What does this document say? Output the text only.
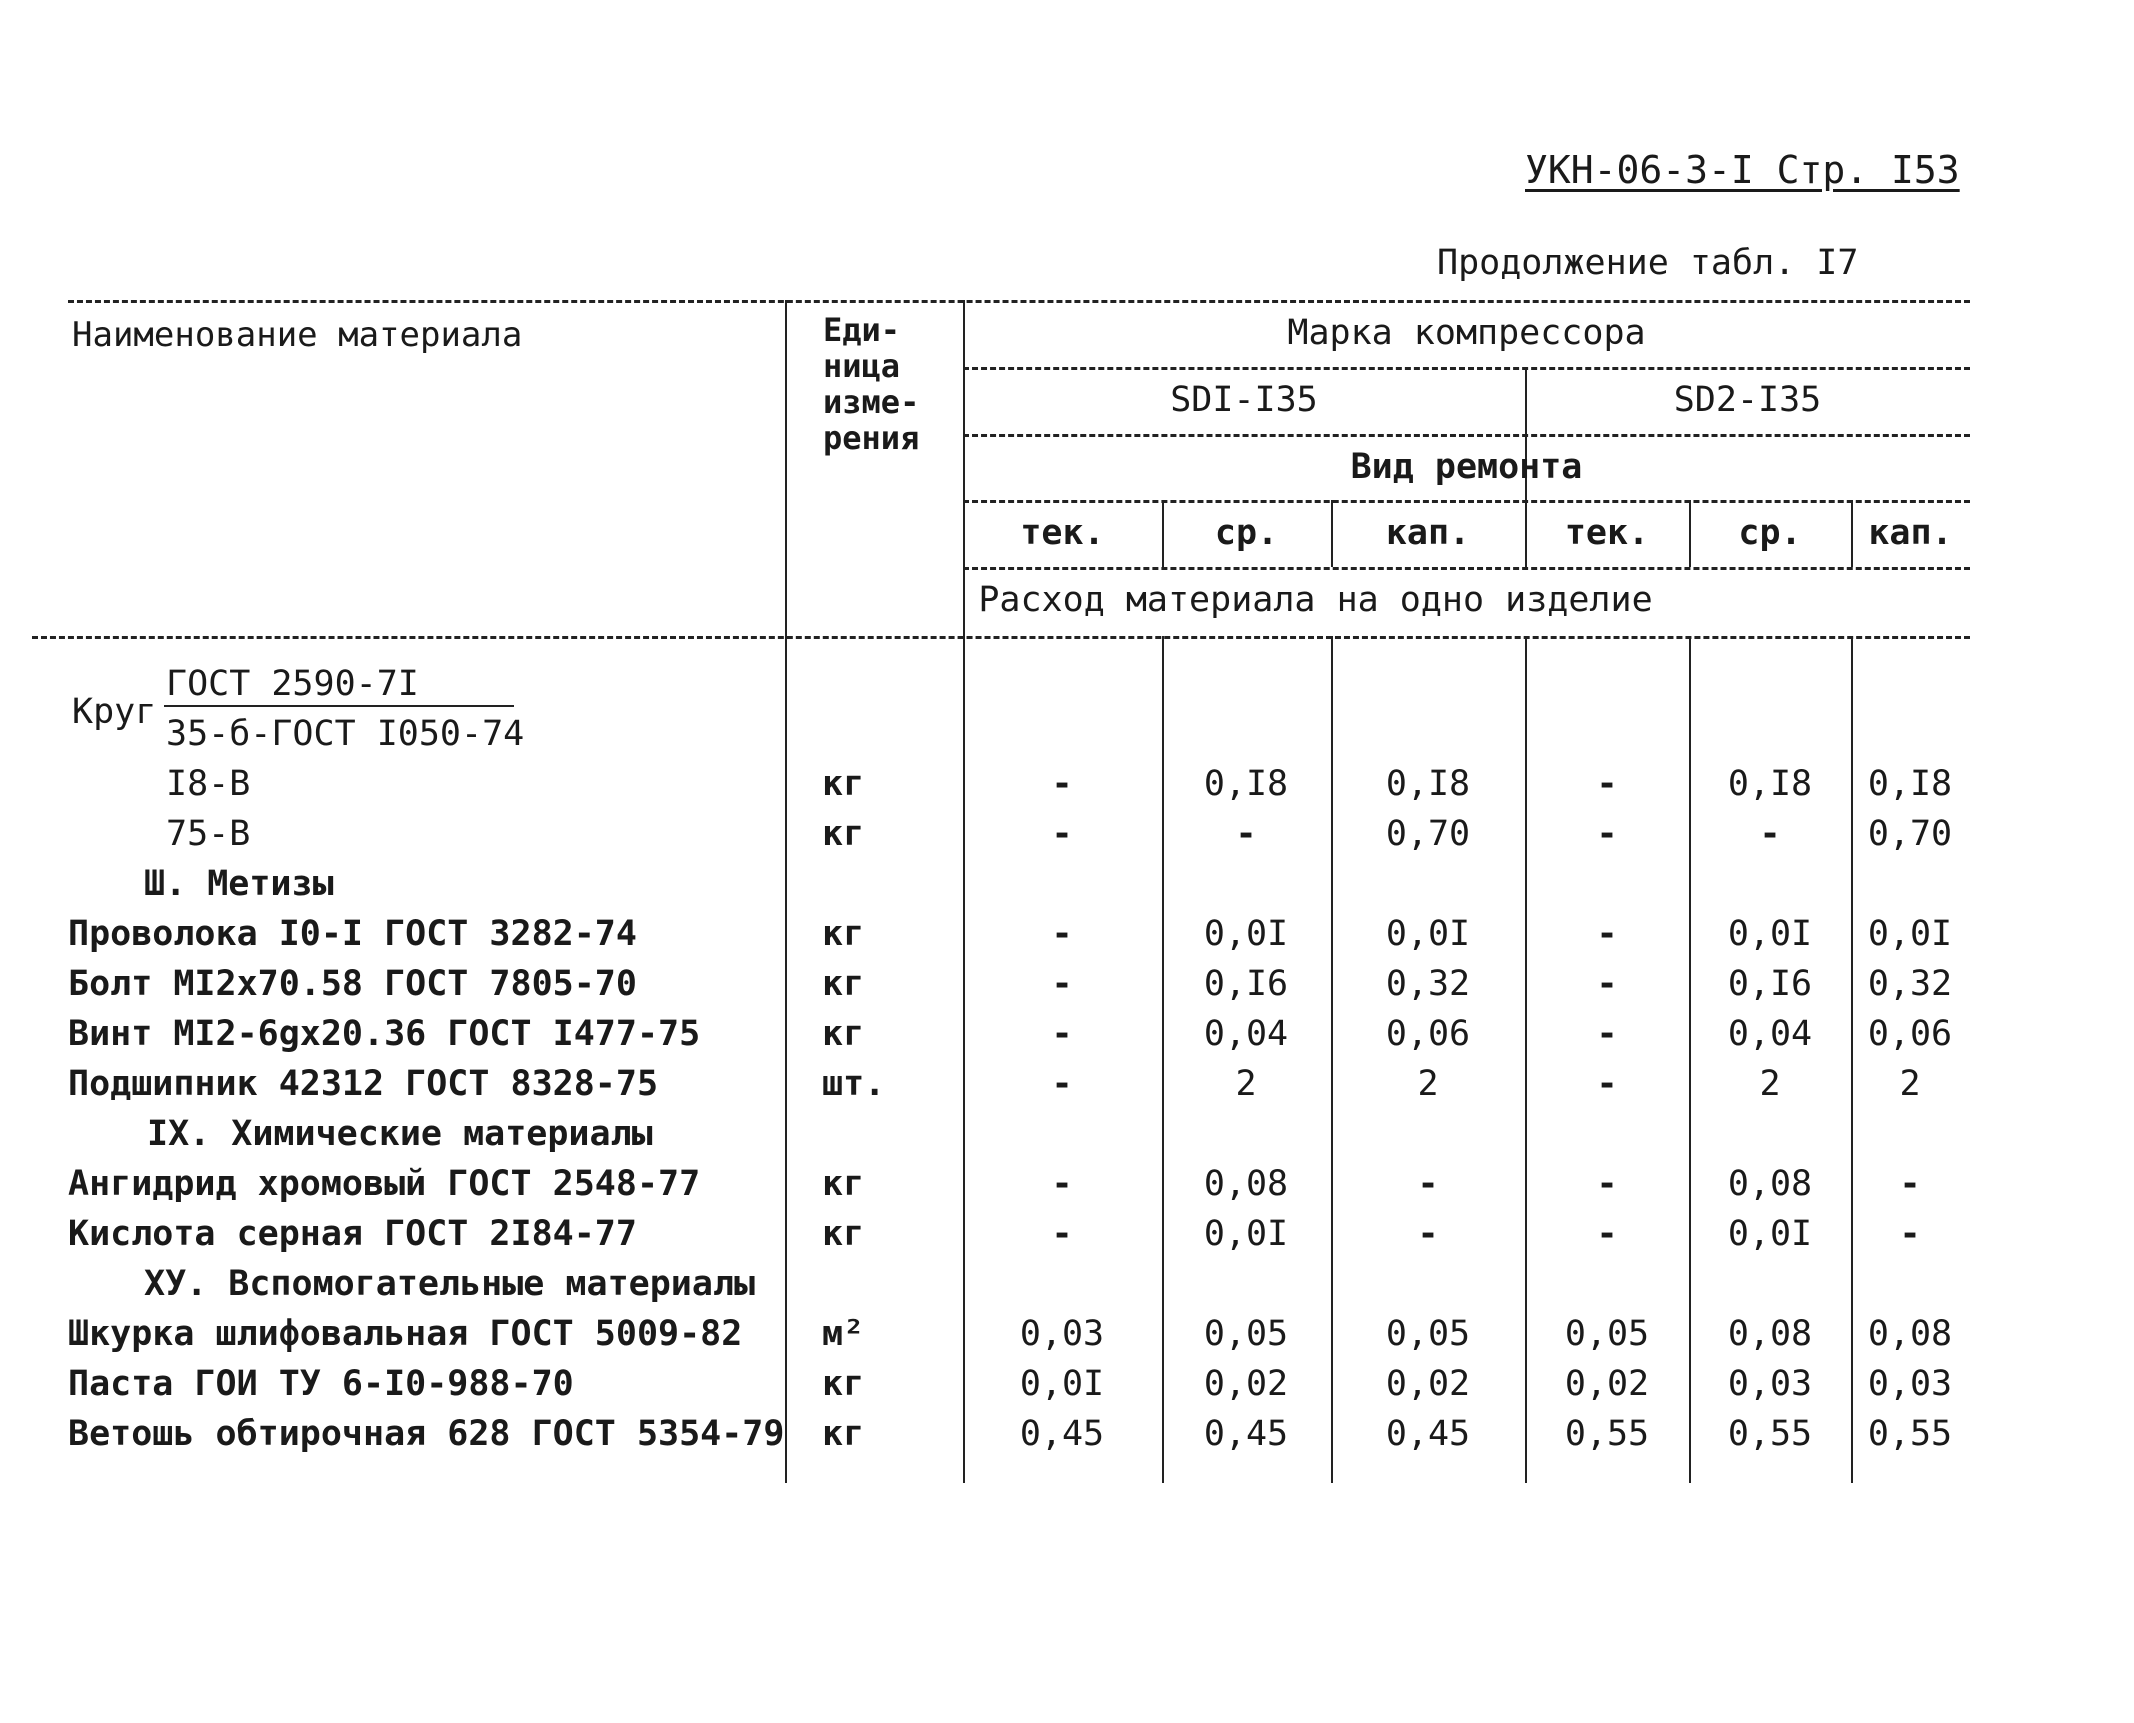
УКН-06-3-I Стр. I53
Продолжение табл. I7
Наименование материала	Еди-
ница
изме-
рения
Марка компрессора
SDI-I35	SD2-I35
Вид ремонта
тек.	ср.	кап.	тек.	ср.	кап.
Расход материала на одно изделие
Круг
ГОСТ 2590-7I
35-б-ГОСТ I050-74
I8-В	кг	-	0,I8	0,I8	-	0,I8	0,I8
75-В	кг	-	-	0,70	-	-	0,70
Ш. Метизы
Проволока I0-I ГОСТ 3282-74	кг	-	0,0I	0,0I	-	0,0I	0,0I
Болт МI2х70.58 ГОСТ 7805-70	кг	-	0,I6	0,32	-	0,I6	0,32
Винт МI2-6gх20.36 ГОСТ I477-75	кг	-	0,04	0,06	-	0,04	0,06
Подшипник 42312 ГОСТ 8328-75	шт.	-	2	2	-	2	2
IХ. Химические материалы
Ангидрид хромовый ГОСТ 2548-77	кг	-	0,08	-	-	0,08	-
Кислота серная ГОСТ 2I84-77	кг	-	0,0I	-	-	0,0I	-
ХУ. Вспомогательные материалы
Шкурка шлифовальная ГОСТ 5009-82 м²	0,03	0,05	0,05	0,05	0,08	0,08
Паста ГОИ ТУ 6-I0-988-70	кг	0,0I	0,02	0,02	0,02	0,03	0,03
Ветошь обтирочная 628 ГОСТ 5354-79 кг	0,45	0,45	0,45	0,55	0,55	0,55
